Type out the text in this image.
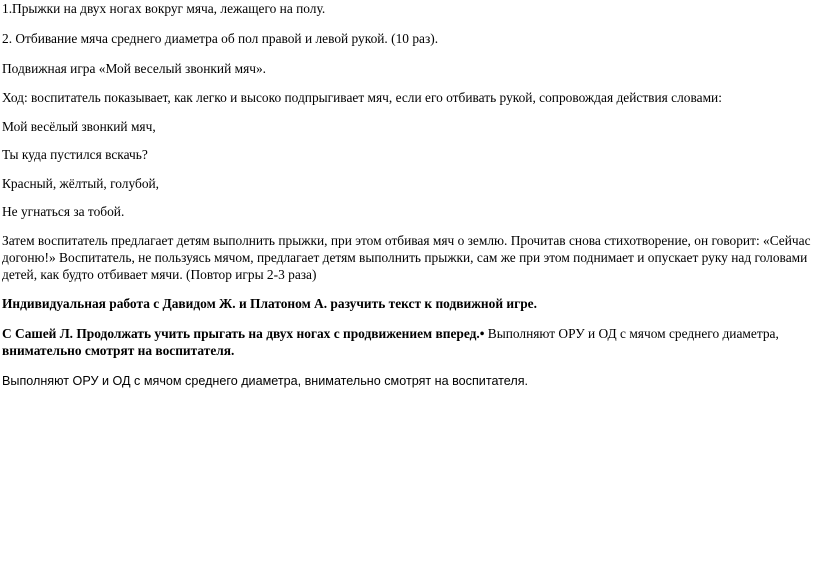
1.Прыжки на двух ногах вокруг мяча, лежащего на полу.
2. Отбивание мяча среднего диаметра об пол правой и левой рукой. (10 раз).
Подвижная игра «Мой веселый звонкий мяч».
Ход: воспитатель показывает, как легко и высоко подпрыгивает мяч, если его отбивать рукой, сопровождая действия словами:
Мой весёлый звонкий мяч,
Ты куда пустился вскачь?
Красный, жёлтый, голубой,
Не угнаться за тобой.
Затем воспитатель предлагает детям выполнить прыжки, при этом отбивая мяч о землю. Прочитав снова стихотворение, он говорит: «Сейчас
догоню!» Воспитатель, не пользуясь мячом, предлагает детям выполнить прыжки, сам же при этом поднимает и опускает руку над головами
детей, как будто отбивает мячи. (Повтор игры 2-3 раза)
Индивидуальная работа с Давидом Ж. и Платоном А. разучить текст к подвижной игре.
С Сашей Л. Продолжать учить прыгать на двух ногах с продвижением вперед.• Выполняют ОРУ и ОД с мячом среднего диаметра,
внимательно смотрят на воспитателя.
Выполняют ОРУ и ОД с мячом среднего диаметра, внимательно смотрят на воспитателя.
